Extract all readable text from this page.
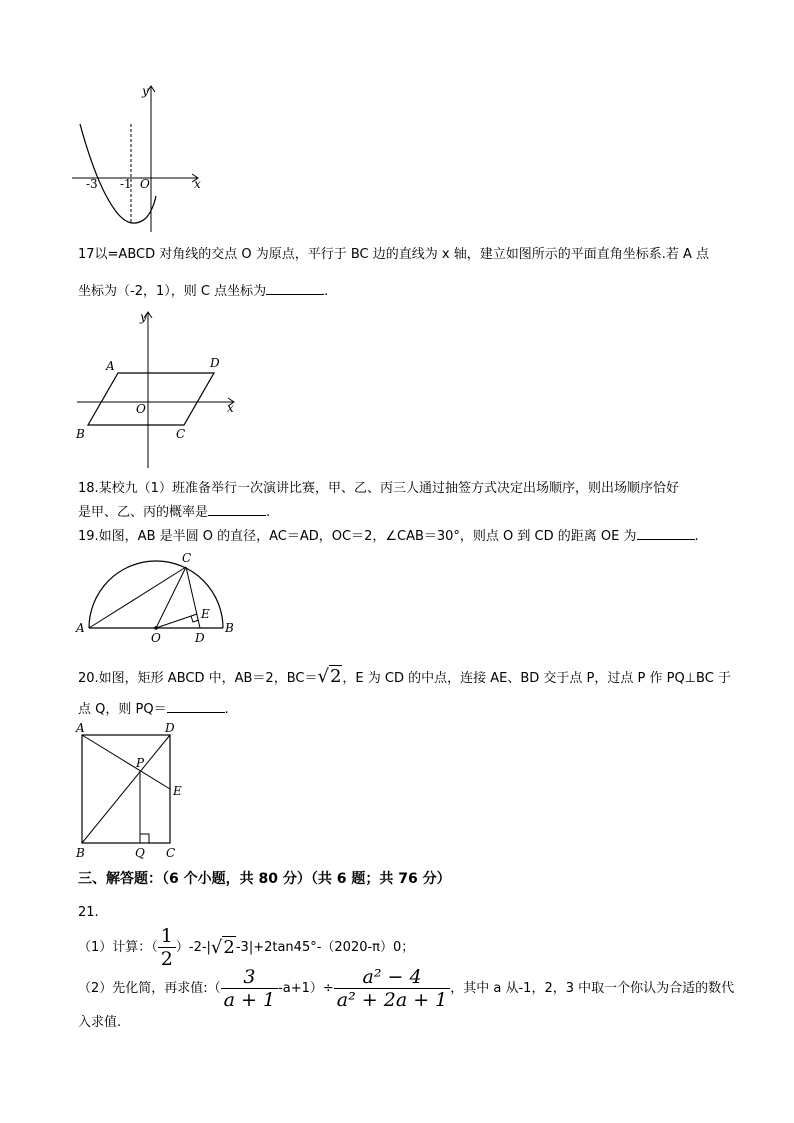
y
x
-3 -1 O
17以=ABCD 对角线的交点 O 为原点，平行于 BC 边的直线为 x 轴，建立如图所示的平面直角坐标系.若 A 点
坐标为（-2，1），则 C 点坐标为	.
y
x
A	D
B	C
O
18.某校九（1）班准备举行一次演讲比赛，甲、乙、丙三人通过抽签方式决定出场顺序，则出场顺序恰好
是甲、乙、丙的概率是	.
19.如图，AB 是半圆 O 的直径，AC＝AD，OC＝2，∠CAB＝30°，则点 O 到 CD 的距离 OE 为	.
A	B
C
E
O	D
20.如图，矩形 ABCD 中，AB＝2，BC＝√2，E 为 CD 的中点，连接 AE、BD 交于点 P，过点 P 作 PQ⊥BC 于
点 Q，则 PQ＝	.
A	D
P
E
B	Q C
三、解答题：（6 个小题，共 80 分）（共 6 题；共 76 分）
21.
（1）计算：（ $\frac{1}{2} )-2-|$ √2 -3|+2tan45°-（2020-π）0；
（2）先化简，再求值:（ $\frac{3}{a + 1} -a+1)\div \frac{\text{a² − 4}}{\text{a² + 2a + 1}}$ ，其中 a 从-1，2，3 中取一个你认为合适的数代
入求值.
